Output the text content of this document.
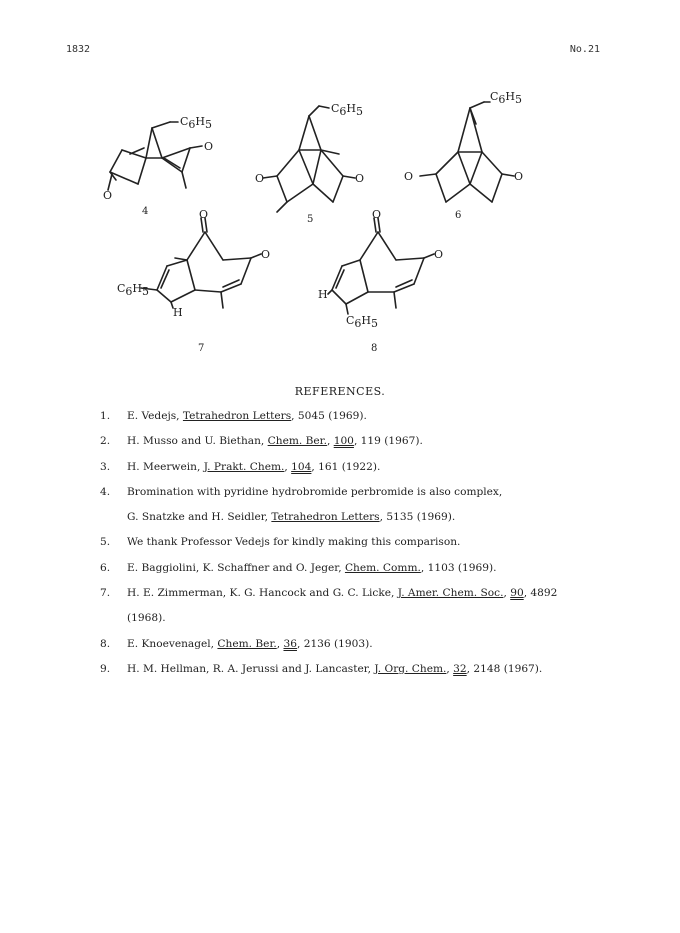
1832	No.21
C6H5
O
O
4
O	O
C6H5
5
O	O
C6H5
6
O
O
C6H5
H
7
O
O
H
C6H5
8
REFERENCES.
1.	E. Vedejs, Tetrahedron Letters, 5045 (1969).
2.	H. Musso and U. Biethan, Chem. Ber., 100, 119 (1967).
3.	H. Meerwein, J. Prakt. Chem., 104, 161 (1922).
4.	Bromination with pyridine hydrobromide perbromide is also complex,
G. Snatzke and H. Seidler, Tetrahedron Letters, 5135 (1969).
5.	We thank Professor Vedejs for kindly making this comparison.
6.	E. Baggiolini, K. Schaffner and O. Jeger, Chem. Comm., 1103 (1969).
7.	H. E. Zimmerman, K. G. Hancock and G. C. Licke, J. Amer. Chem. Soc., 90, 4892
(1968).
8.	E. Knoevenagel, Chem. Ber., 36, 2136 (1903).
9.	H. M. Hellman, R. A. Jerussi and J. Lancaster, J. Org. Chem., 32, 2148 (1967).
